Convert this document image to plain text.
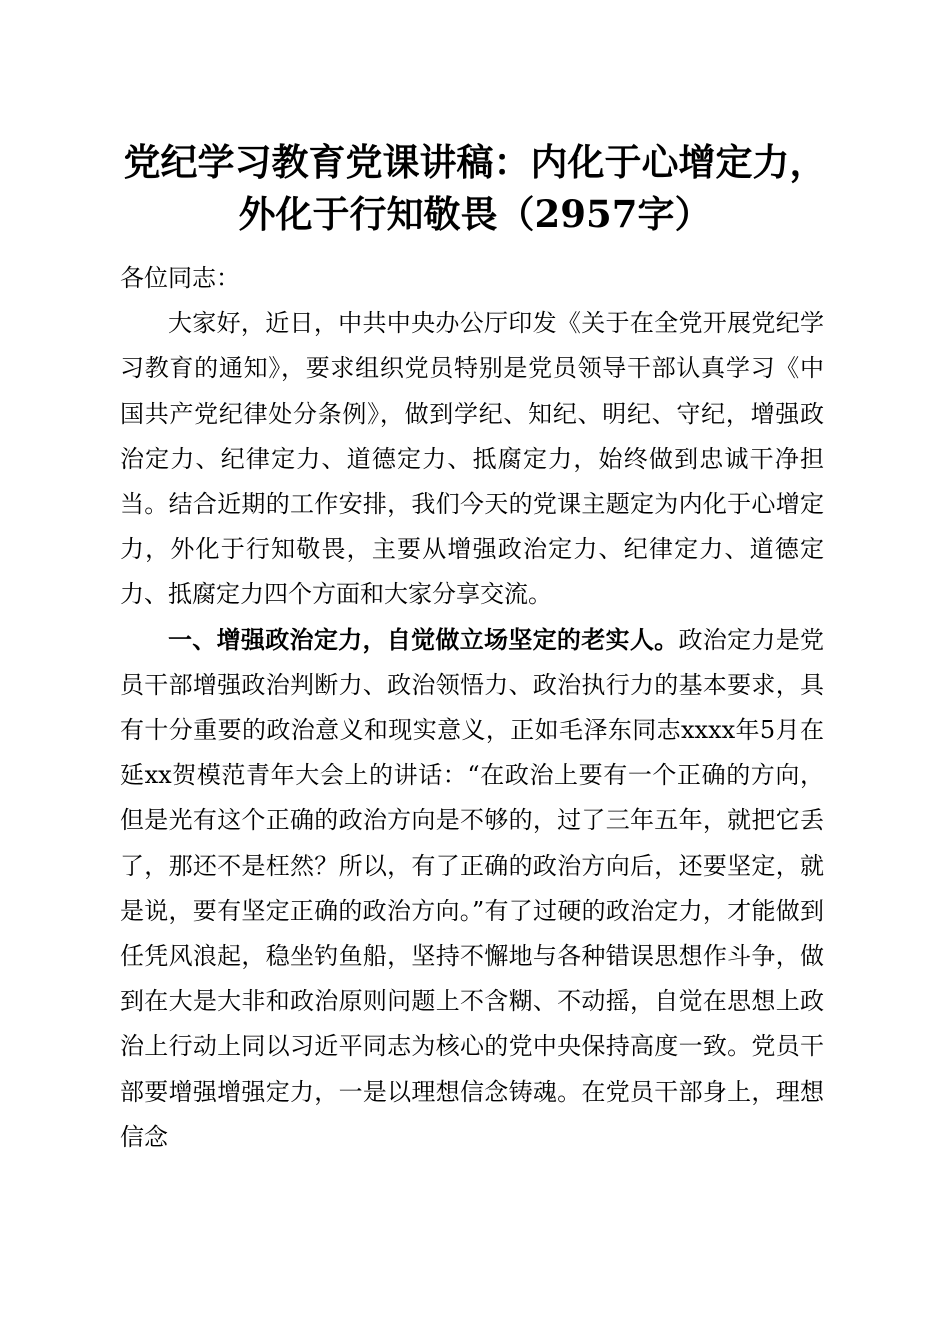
党纪学习教育党课讲稿：内化于心增定力，外化于行知敬畏（2957字）

各位同志：

大家好，近日，中共中央办公厅印发《关于在全党开展党纪学习教育的通知》，要求组织党员特别是党员领导干部认真学习《中国共产党纪律处分条例》，做到学纪、知纪、明纪、守纪，增强政治定力、纪律定力、道德定力、抵腐定力，始终做到忠诚干净担当。结合近期的工作安排，我们今天的党课主题定为内化于心增定力，外化于行知敬畏，主要从增强政治定力、纪律定力、道德定力、抵腐定力四个方面和大家分享交流。

一、增强政治定力，自觉做立场坚定的老实人。政治定力是党员干部增强政治判断力、政治领悟力、政治执行力的基本要求，具有十分重要的政治意义和现实意义，正如毛泽东同志xxxx年5月在延xx贺模范青年大会上的讲话：“在政治上要有一个正确的方向，但是光有这个正确的政治方向是不够的，过了三年五年，就把它丢了，那还不是枉然？所以，有了正确的政治方向后，还要坚定，就是说，要有坚定正确的政治方向。”有了过硬的政治定力，才能做到任凭风浪起，稳坐钓鱼船，坚持不懈地与各种错误思想作斗争，做到在大是大非和政治原则问题上不含糊、不动摇，自觉在思想上政治上行动上同以习近平同志为核心的党中央保持高度一致。党员干部要增强增强定力，一是以理想信念铸魂。在党员干部身上，理想信念
